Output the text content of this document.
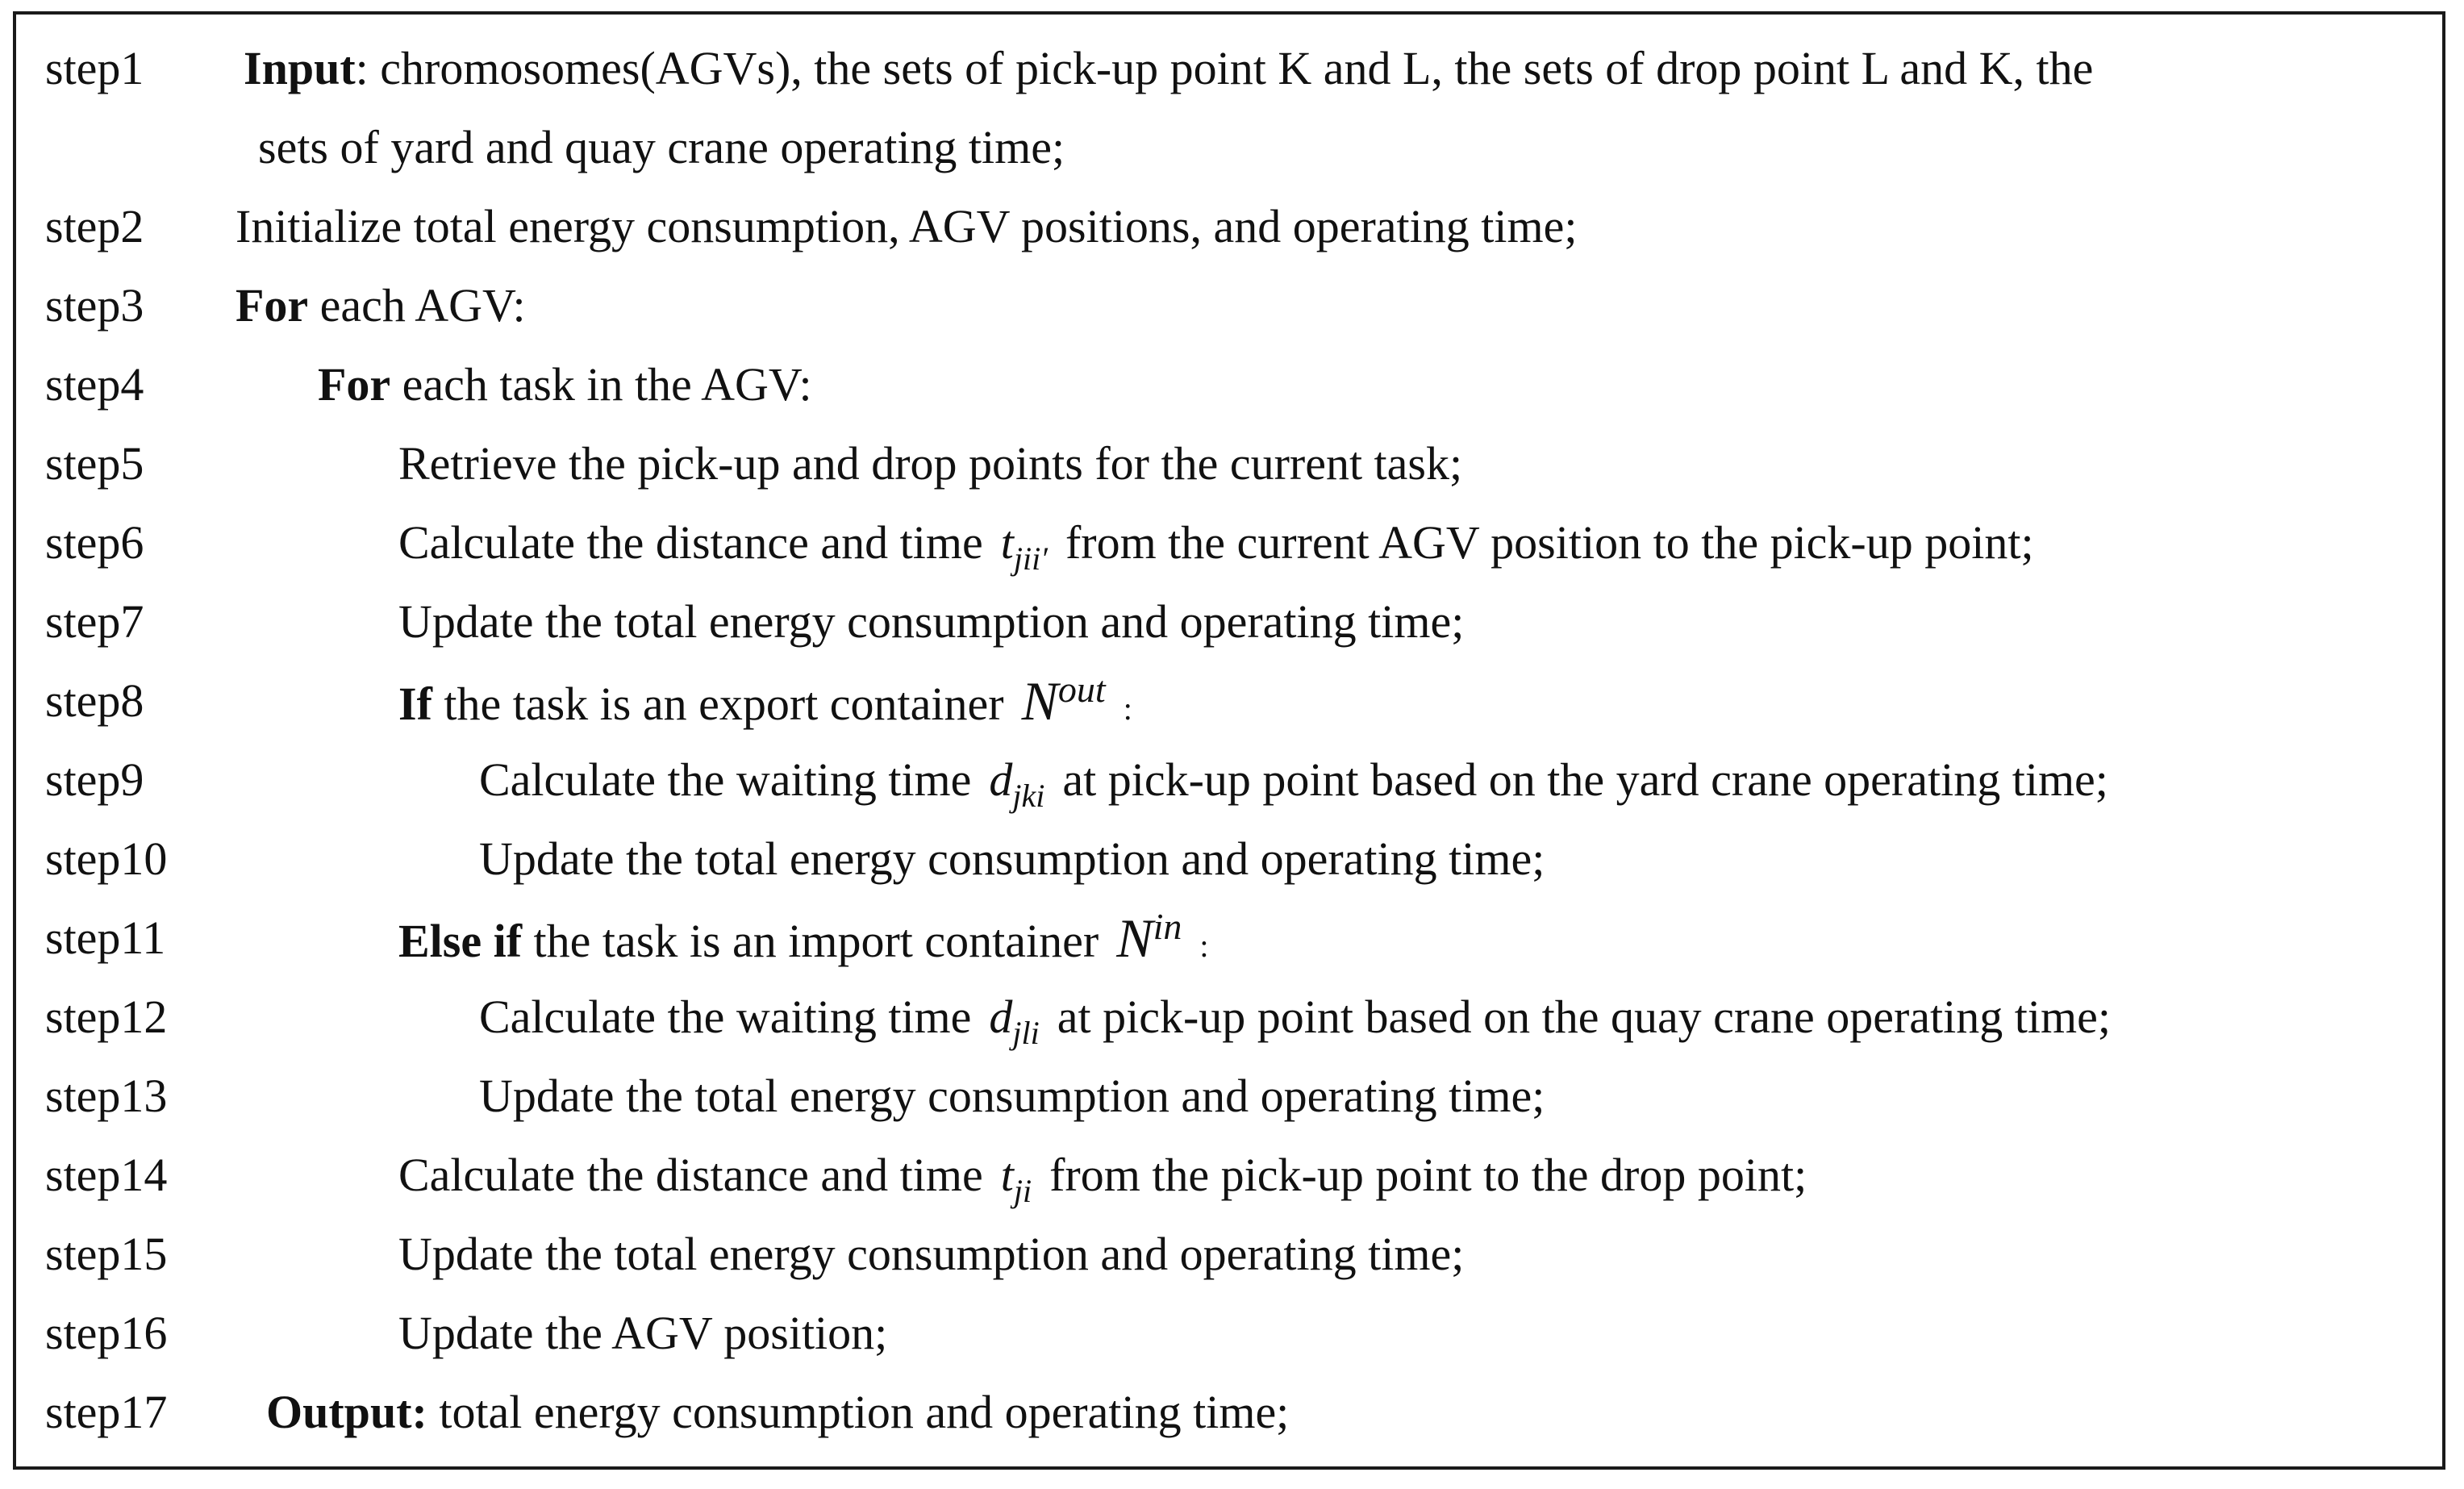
step1 Input: chromosomes(AGVs), the sets of pick-up point K and L, the sets of drop point L and K, the
sets of yard and quay crane operating time;
step2 Initialize total energy consumption, AGV positions, and operating time;
step3 For each AGV:
step4	For each task in the AGV:
step5	Retrieve the pick-up and drop points for the current task;
step6	Calculate the distance and time $t_{jii'}$ from the current AGV position to the pick-up point;
step7	Update the total energy consumption and operating time;
step8	If the task is an export container $N^{out}$ :
step9	Calculate the waiting time $d_{jki}$ at pick-up point based on the yard crane operating time;
step10	Update the total energy consumption and operating time;
step11	Else if the task is an import container $N^{in}$ :
step12	Calculate the waiting time $d_{jli}$ at pick-up point based on the quay crane operating time;
step13	Update the total energy consumption and operating time;
step14	Calculate the distance and time $t_{ji}$ from the pick-up point to the drop point;
step15	Update the total energy consumption and operating time;
step16	Update the AGV position;
step17 Output: total energy consumption and operating time;
